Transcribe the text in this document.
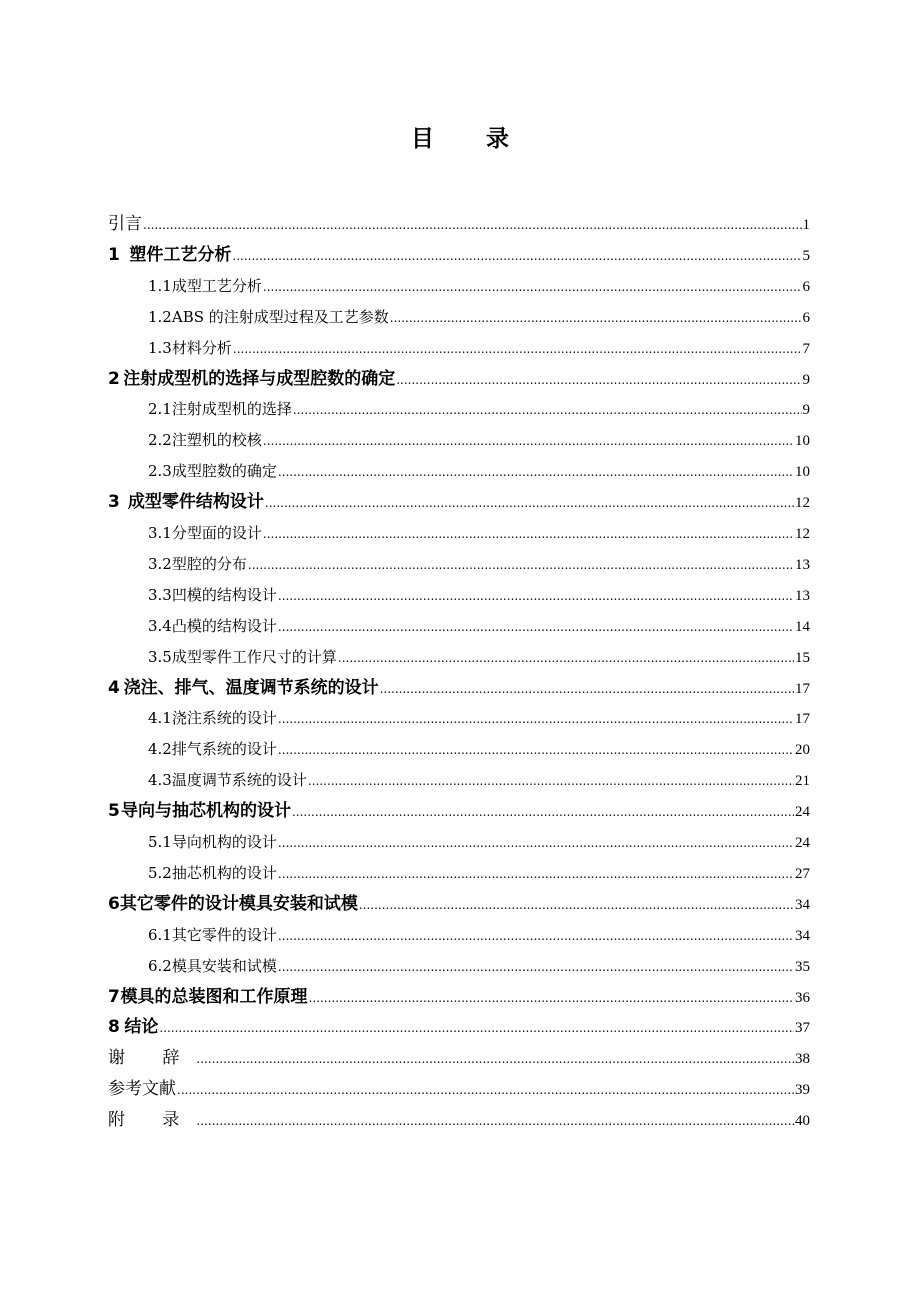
目 录
引言 .....	1
1 塑件工艺分析 .....	5
1.1 成型工艺分析 .....	6
1.2 ABS 的注射成型过程及工艺参数 .....	6
1.3 材料分析 .....	7
2 注射成型机的选择与成型腔数的确定 .....	9
2.1 注射成型机的选择 .....	9
2.2 注塑机的校核 .....	10
2.3 成型腔数的确定 .....	10
3 成型零件结构设计 .....	12
3.1 分型面的设计 .....	12
3.2 型腔的分布 .....	13
3.3 凹模的结构设计 .....	13
3.4 凸模的结构设计 .....	14
3.5 成型零件工作尺寸的计算 .....	15
4 浇注、排气、温度调节系统的设计 .....	17
4.1 浇注系统的设计 .....	17
4.2 排气系统的设计 .....	20
4.3 温度调节系统的设计 .....	21
5 导向与抽芯机构的设计 .....	24
5.1 导向机构的设计 .....	24
5.2 抽芯机构的设计 .....	27
6 其它零件的设计模具安装和试模 .....	34
6.1 其它零件的设计 .....	34
6.2 模具安装和试模 .....	35
7 模具的总装图和工作原理 .....	36
8 结论 .....	37
谢 辞 .....	38
参考文献 .....	39
附 录 .....	40
